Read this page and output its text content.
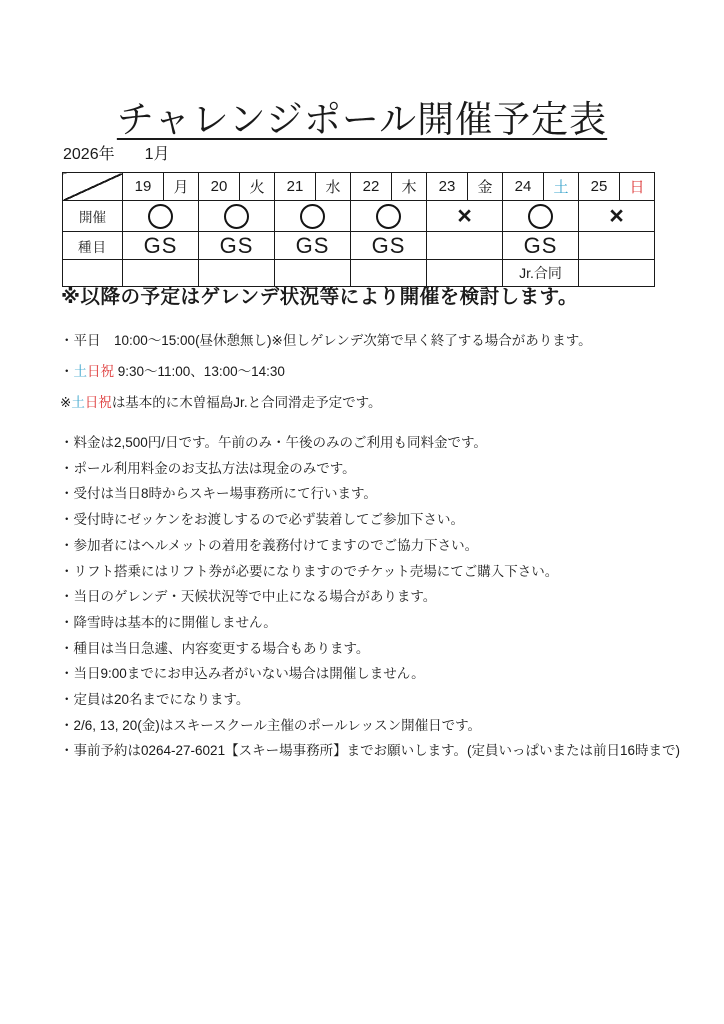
チャレンジポール開催予定表
2026年 1月
	19	月	20	火	21	水	22	木	23	金	24	土	25	日
開催									×				×	
種目	GS		GS		GS		GS				GS			
											Jr.合同			
※以降の予定はゲレンデ状況等により開催を検討します。
・平日　10:00～15:00(昼休憩無し)※但しゲレンデ次第で早く終了する場合があります。
・土日祝 9:30～11:00、13:00～14:30
※土日祝は基本的に木曽福島Jr.と合同滑走予定です。
・料金は2,500円/日です。午前のみ・午後のみのご利用も同料金です。
・ポール利用料金のお支払方法は現金のみです。
・受付は当日8時からスキー場事務所にて行います。
・受付時にゼッケンをお渡しするので必ず装着してご参加下さい。
・参加者にはヘルメットの着用を義務付けてますのでご協力下さい。
・リフト搭乗にはリフト券が必要になりますのでチケット売場にてご購入下さい。
・当日のゲレンデ・天候状況等で中止になる場合があります。
・降雪時は基本的に開催しません。
・種目は当日急遽、内容変更する場合もあります。
・当日9:00までにお申込み者がいない場合は開催しません。
・定員は20名までになります。
・2/6, 13, 20(金)はスキースクール主催のポールレッスン開催日です。
・事前予約は0264-27-6021【スキー場事務所】までお願いします。(定員いっぱいまたは前日16時まで)
